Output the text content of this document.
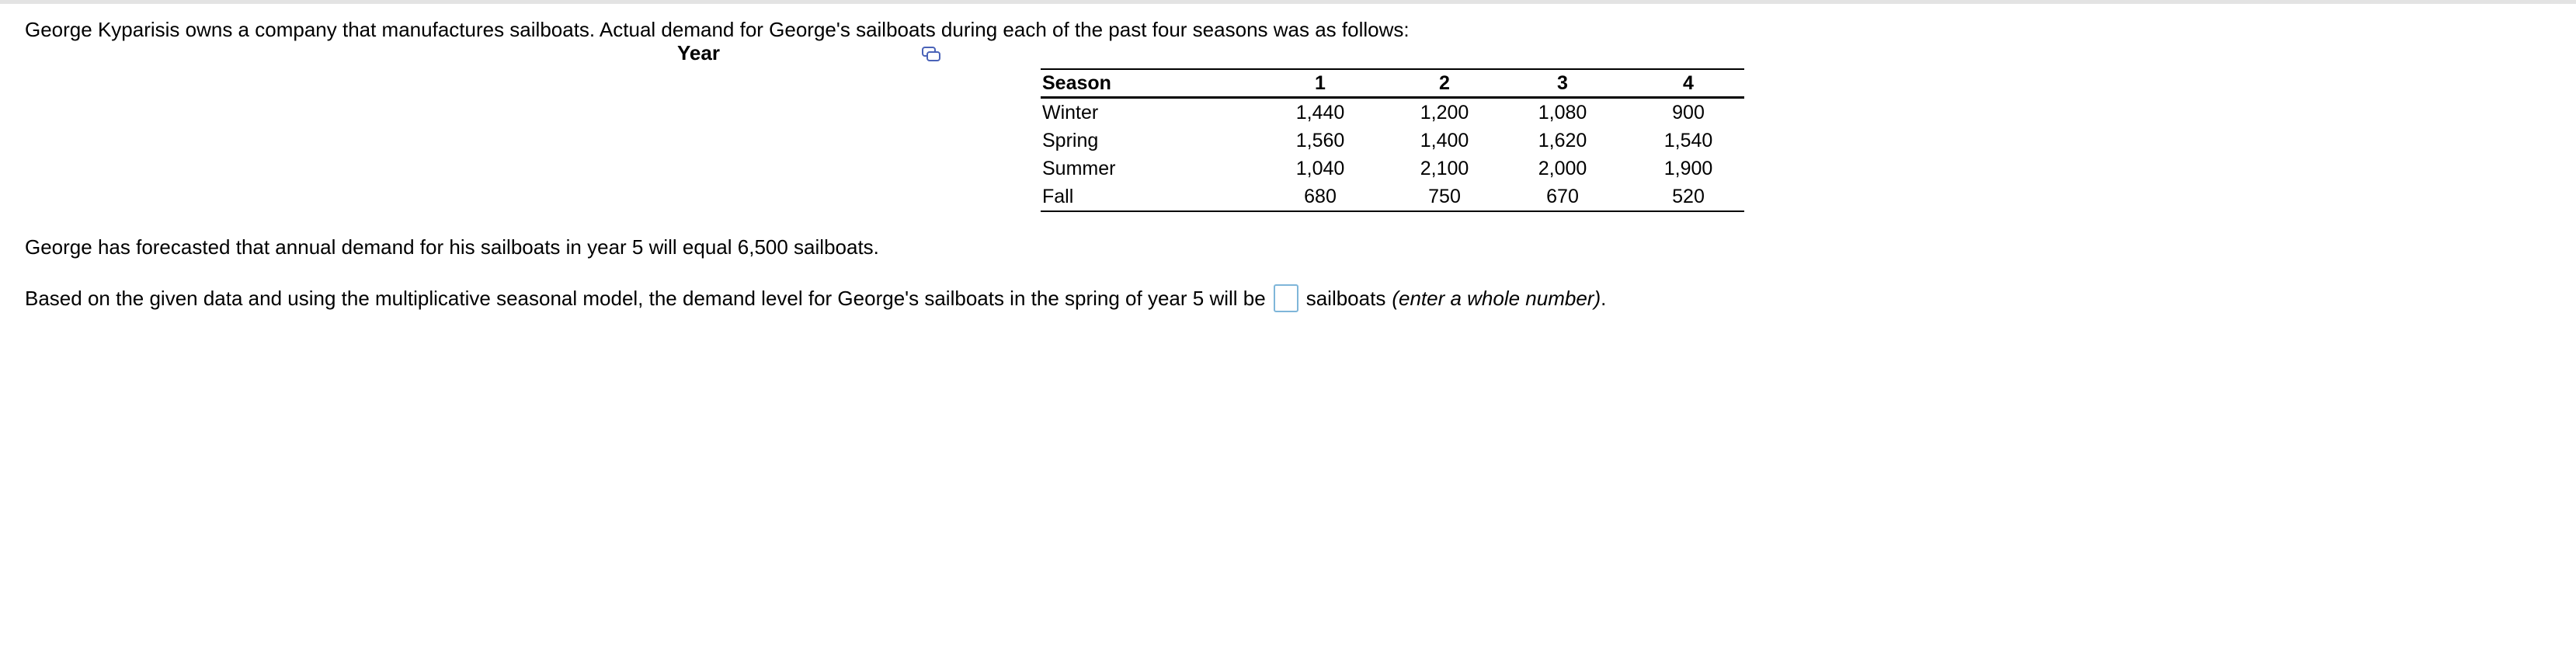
George Kyparisis owns a company that manufactures sailboats. Actual demand for George's sailboats during each of the past four seasons was as follows:
Year
Season	1	2	3	4
Winter	1,440	1,200	1,080	900
Spring	1,560	1,400	1,620	1,540
Summer	1,040	2,100	2,000	1,900
Fall	680	750	670	520
George has forecasted that annual demand for his sailboats in year 5 will equal 6,500 sailboats.
Based on the given data and using the multiplicative seasonal model, the demand level for George's sailboats in the spring of year 5 will be sailboats (enter a whole number) .
